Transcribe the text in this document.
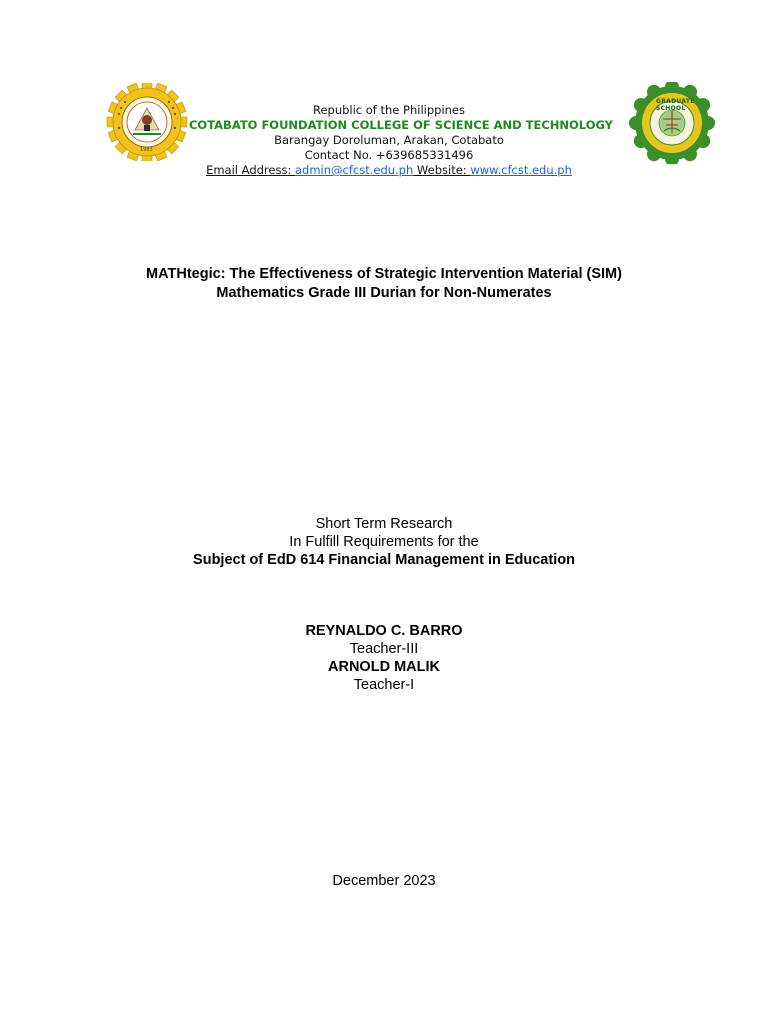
1983
GRADUATE SCHOOL
Republic of the Philippines
COTABATO FOUNDATION COLLEGE OF SCIENCE AND TECHNOLOGY
Barangay Doroluman, Arakan, Cotabato
Contact No. +639685331496
Email Address: admin@cfcst.edu.ph Website: www.cfcst.edu.ph
MATHtegic: The Effectiveness of Strategic Intervention Material (SIM)
Mathematics Grade III Durian for Non-Numerates
Short Term Research
In Fulfill Requirements for the
Subject of EdD 614 Financial Management in Education
REYNALDO C. BARRO
Teacher-III
ARNOLD MALIK
Teacher-I
December 2023
